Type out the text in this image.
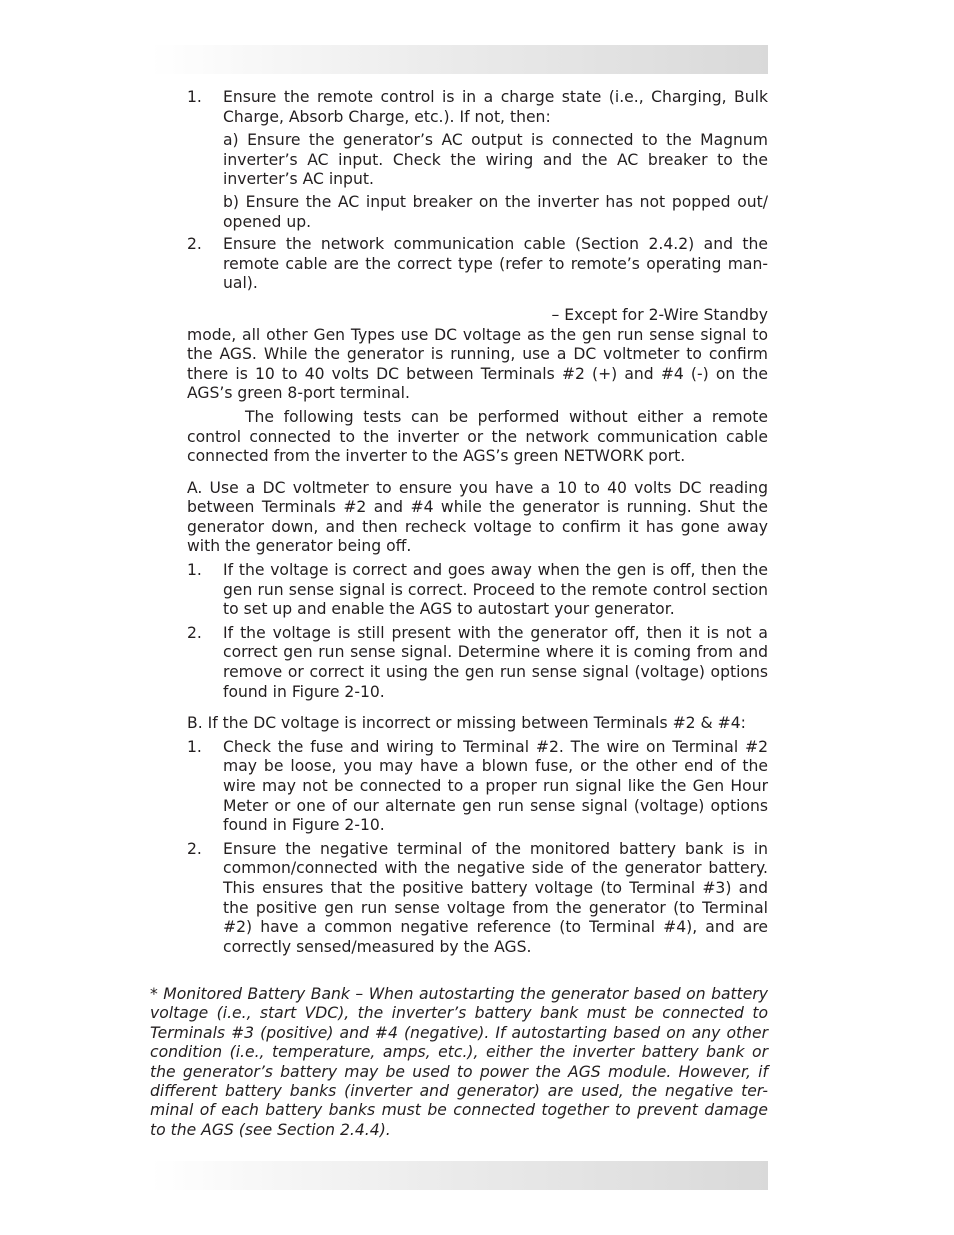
1.	Ensure the remote control is in a charge state (i.e., Charging, Bulk Charge, Absorb Charge, etc.). If not, then:
a) Ensure the generator’s AC output is connected to the Magnum inverter’s AC input. Check the wiring and the AC breaker to the inverter’s AC input.
b) Ensure the AC input breaker on the inverter has not popped out/ opened up.
2.	Ensure the network communication cable (Section 2.4.2) and the remote cable are the correct type (refer to remote’s operating man-ual).
– Except for 2-Wire Standby
mode, all other Gen Types use DC voltage as the gen run sense signal to the AGS. While the generator is running, use a DC voltmeter to confirm there is 10 to 40 volts DC between Terminals #2 (+) and #4 (-) on the AGS’s green 8-port terminal.
The following tests can be performed without either a remote control connected to the inverter or the network communication cable connected from the inverter to the AGS’s green NETWORK port.
A. Use a DC voltmeter to ensure you have a 10 to 40 volts DC reading between Terminals #2 and #4 while the generator is running. Shut the generator down, and then recheck voltage to confirm it has gone away with the generator being off.
1.	If the voltage is correct and goes away when the gen is off, then the gen run sense signal is correct. Proceed to the remote control section to set up and enable the AGS to autostart your generator.
2.	If the voltage is still present with the generator off, then it is not a correct gen run sense signal. Determine where it is coming from and remove or correct it using the gen run sense signal (voltage) options found in Figure 2-10.
B. If the DC voltage is incorrect or missing between Terminals #2 & #4:
1.	Check the fuse and wiring to Terminal #2. The wire on Terminal #2 may be loose, you may have a blown fuse, or the other end of the wire may not be connected to a proper run signal like the Gen Hour Meter or one of our alternate gen run sense signal (voltage) options found in Figure 2-10.
2.	Ensure the negative terminal of the monitored battery bank is in common/connected with the negative side of the generator battery. This ensures that the positive battery voltage (to Terminal #3) and the positive gen run sense voltage from the generator (to Terminal #2) have a common negative reference (to Terminal #4), and are correctly sensed/measured by the AGS.
* Monitored Battery Bank – When autostarting the generator based on battery voltage (i.e., start VDC), the inverter’s battery bank must be connected to Terminals #3 (positive) and #4 (negative). If autostarting based on any other condition (i.e., temperature, amps, etc.), either the inverter battery bank or the generator’s battery may be used to power the AGS module. However, if different battery banks (inverter and generator) are used, the negative ter-minal of each battery banks must be connected together to prevent damage to the AGS (see Section 2.4.4).
